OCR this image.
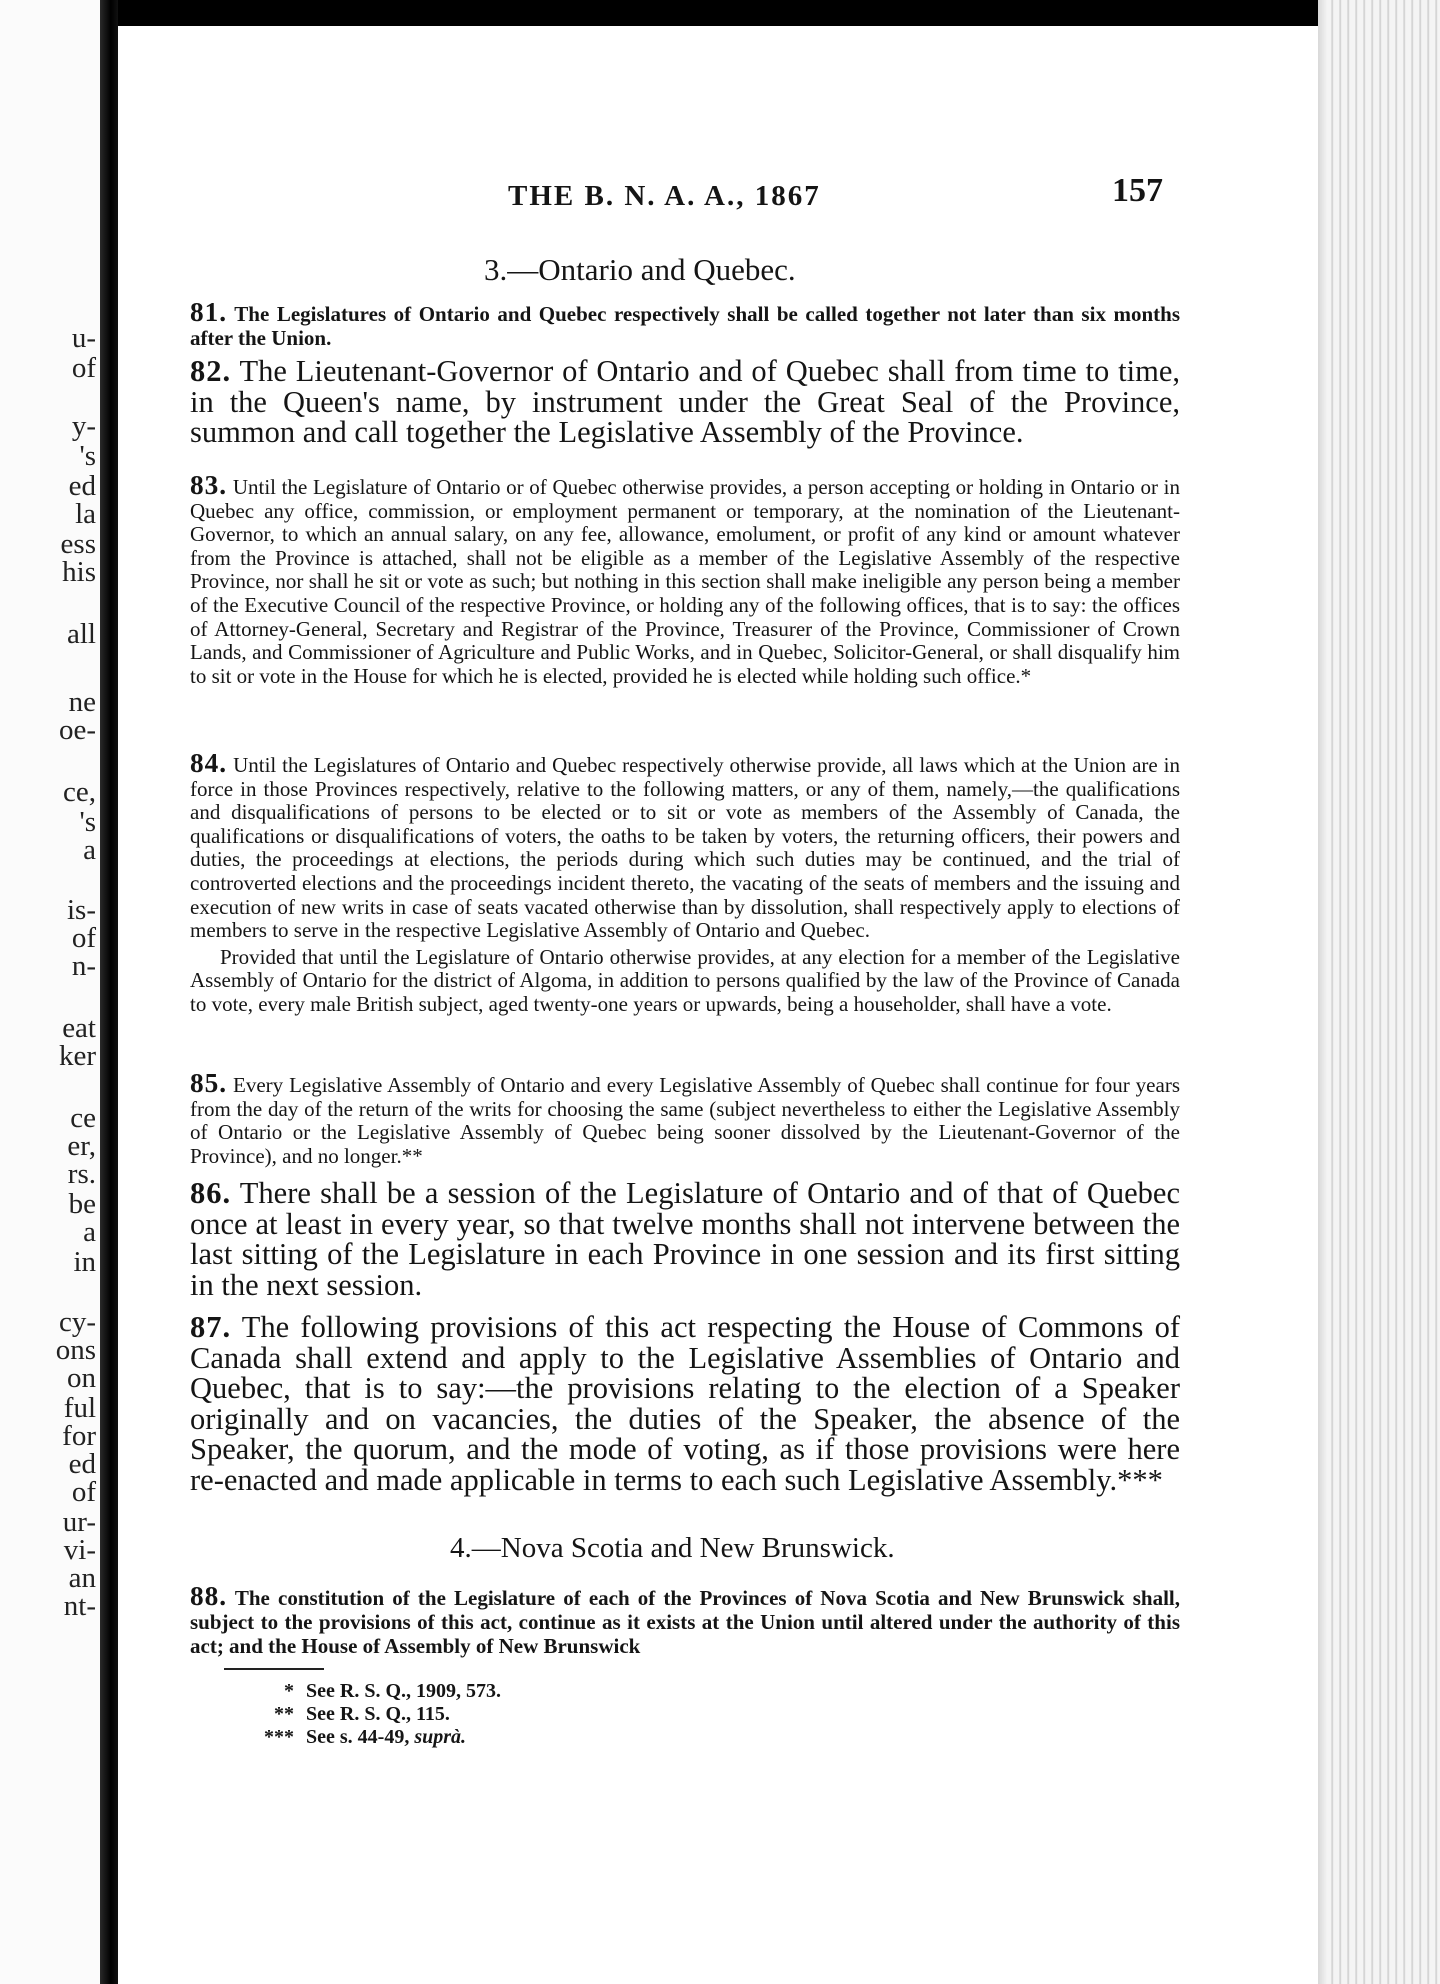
u-
of
y-
's
ed
la
ess
his
all
ne
oe-
ce,
's
a
is-
of
n-
eat
ker
ce
er,
rs.
be
a
in
cy-
ons
on
ful
for
ed
of
ur-
vi-
an
nt-
THE B. N. A. A., 1867	157
3.—Ontario and Quebec.

81. The Legislatures of Ontario and Quebec respectively shall be called together not later than six months after the Union.

82. The Lieutenant-Governor of Ontario and of Quebec shall from time to time, in the Queen's name, by instrument under the Great Seal of the Province, summon and call together the Legislative Assembly of the Province.

83. Until the Legislature of Ontario or of Quebec otherwise provides, a person accepting or holding in Ontario or in Quebec any office, commission, or employment permanent or temporary, at the nomination of the Lieutenant-Governor, to which an annual salary, on any fee, allowance, emolument, or profit of any kind or amount whatever from the Province is attached, shall not be eligible as a member of the Legislative Assembly of the respective Province, nor shall he sit or vote as such; but nothing in this section shall make ineligible any person being a member of the Executive Council of the respective Province, or holding any of the following offices, that is to say: the offices of Attorney-General, Secretary and Registrar of the Province, Treasurer of the Province, Commissioner of Crown Lands, and Commissioner of Agriculture and Public Works, and in Quebec, Solicitor-General, or shall disqualify him to sit or vote in the House for which he is elected, provided he is elected while holding such office.*

84. Until the Legislatures of Ontario and Quebec respectively otherwise provide, all laws which at the Union are in force in those Provinces respectively, relative to the following matters, or any of them, namely,—the qualifications and disqualifications of persons to be elected or to sit or vote as members of the Assembly of Canada, the qualifications or disqualifications of voters, the oaths to be taken by voters, the returning officers, their powers and duties, the proceedings at elections, the periods during which such duties may be continued, and the trial of controverted elections and the proceedings incident thereto, the vacating of the seats of members and the issuing and execution of new writs in case of seats vacated otherwise than by dissolution, shall respectively apply to elections of members to serve in the respective Legislative Assembly of Ontario and Quebec.

Provided that until the Legislature of Ontario otherwise provides, at any election for a member of the Legislative Assembly of Ontario for the district of Algoma, in addition to persons qualified by the law of the Province of Canada to vote, every male British subject, aged twenty-one years or upwards, being a householder, shall have a vote.

85. Every Legislative Assembly of Ontario and every Legislative Assembly of Quebec shall continue for four years from the day of the return of the writs for choosing the same (subject nevertheless to either the Legislative Assembly of Ontario or the Legislative Assembly of Quebec being sooner dissolved by the Lieutenant-Governor of the Province), and no longer.**

86. There shall be a session of the Legislature of Ontario and of that of Quebec once at least in every year, so that twelve months shall not intervene between the last sitting of the Legislature in each Province in one session and its first sitting in the next session.

87. The following provisions of this act respecting the House of Commons of Canada shall extend and apply to the Legislative Assemblies of Ontario and Quebec, that is to say:—the provisions relating to the election of a Speaker originally and on vacancies, the duties of the Speaker, the absence of the Speaker, the quorum, and the mode of voting, as if those provisions were here re-enacted and made applicable in terms to each such Legislative Assembly.***

4.—Nova Scotia and New Brunswick.

88. The constitution of the Legislature of each of the Provinces of Nova Scotia and New Brunswick shall, subject to the provisions of this act, continue as it exists at the Union until altered under the authority of this act; and the House of Assembly of New Brunswick

* See R. S. Q., 1909, 573.
** See R. S. Q., 115.
*** See s. 44-49, suprà.
